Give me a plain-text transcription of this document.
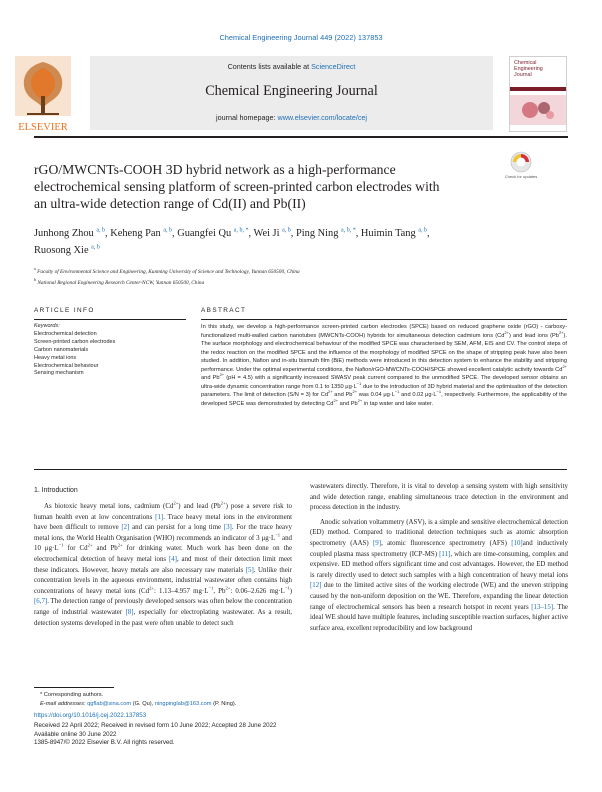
Chemical Engineering Journal 449 (2022) 137853
ELSEVIER
Contents lists available at ScienceDirect
Chemical Engineering Journal
journal homepage: www.elsevier.com/locate/cej
Chemical Engineering Journal
rGO/MWCNTs-COOH 3D hybrid network as a high-performance
electrochemical sensing platform of screen-printed carbon electrodes with
an ultra-wide detection range of Cd(II) and Pb(II)
Check for updates
Junhong Zhou $^{a, b}$, Keheng Pan $^{a, b}$, Guangfei Qu $^{a, b, *}$, Wei Ji $^{a, b}$, Ping Ning $^{a, b, *}$, Huimin Tang $^{a, b}$,
Ruosong Xie $^{a, b}$
$^a$ Faculty of Environmental Science and Engineering, Kunming University of Science and Technology, Yunnan 650500, China
$^b$ National Regional Engineering Research Center-NCW, Yunnan 650500, China
ARTICLE INFO	ABSTRACT
Keywords:
Electrochemical detection
Screen-printed carbon electrodes
Carbon nanomaterials
Heavy metal ions
Electrochemical behaviour
Sensing mechanism
In this study, we develop a high-performance screen-printed carbon electrodes (SPCE) based on reduced graphene oxide (rGO) - carboxy-functionalized multi-walled carbon nanotubes (MWCNTs-COOH) hybrids for simultaneous detection cadmium ions $(Cd^{2+})$ and lead ions $(Pb^{2+})$. The surface morphology and electrochemical behaviour of the modified SPCE was characterised by SEM, AFM, EIS and CV. The control steps of the redox reaction on the modified SPCE and the influence of the morphology of modified SPCE on the shape of stripping peak have also been studied. In addition, Nafion and in-situ bismuth film (BiE) methods were introduced in this detection system to enhance the stability and stripping performance. Under the optimal experimental conditions, the Nafion/rGO-MWCNTs-COOH/SPCE showed excellent catalytic activity towards $Cd^{2+}$ and $Pb^{2+}$ (pH = 4.5) with a significantly increased SWASV peak current compared to the unmodified SPCE. The developed sensor obtains an ultra-wide dynamic concentration range from 0.1 to 1350 $\mu g\cdot L^{-1}$ due to the introduction of 3D hybrid material and the optimisation of the detection parameters. The limit of detection (S/N = 3) for $Cd^{2+}$ and $Pb^{2+}$ was 0.04 $\mu g\cdot L^{-1}$ and 0.02 $\mu g\cdot L^{-1}$, respectively. Furthermore, the applicability of the developed SPCE was demonstrated by detecting $Cd^{2+}$ and $Pb^{2+}$ in tap water and lake water.
1. Introduction
As biotoxic heavy metal ions, cadmium $(Cd^{2+})$ and lead $(Pb^{2+})$ pose a severe risk to human health even at low concentrations [1]. Trace heavy metal ions in the environment have been difficult to remove [2] and can persist for a long time [3]. For the trace heavy metal ions, the World Health Organisation (WHO) recommends an indicator of 3 $\mu g\cdot L^{-1}$ and 10 $\mu g\cdot L^{-1}$ for $Cd^{2+}$ and $Pb^{2+}$ for drinking water. Much work has been done on the electrochemical detection of heavy metal ions [4], and most of their detection limit meet these indicators. However, heavy metals are also necessary raw materials [5]. Unlike their concentration levels in the aqueous environment, industrial wastewater often contains high concentrations of heavy metal ions ($Cd^{2+}$: 1.13–4.957 $mg\cdot L^{-1}$, $Pb^{2+}$: 0.06–2.626 $mg\cdot L^{-1}$) [6,7]. The detection range of previously developed sensors was often below the concentration range of industrial wastewater [8], especially for electroplating wastewater. As a result, detection systems developed in the past were often unable to detect such

wastewaters directly. Therefore, it is vital to develop a sensing system with high sensitivity and wide detection range, enabling simultaneous trace detection in the environment and process detection in the industry.

Anodic solvation voltammetry (ASV), is a simple and sensitive electrochemical detection (ED) method. Compared to traditional detection techniques such as atomic absorption spectrometry (AAS) [9], atomic fluorescence spectrometry (AFS) [10]and inductively coupled plasma mass spectrometry (ICP-MS) [11], which are time-consuming, complex and expensive. ED method offers significant time and cost advantages. However, the ED method is rarely directly used to detect such samples with a high concentration of heavy metal ions [12] due to the limited active sites of the working electrode (WE) and the uneven stripping caused by the non-uniform deposition on the WE. Therefore, expanding the linear detection range of electrochemical sensors has been a research hotspot in recent years [13–15]. The ideal WE should have multiple features, including susceptible reaction surfaces, higher active surface area, excellent reproducibility and low background

* Corresponding authors.
E-mail addresses: qgflab@sina.com (G. Qu), ningpinglab@163.com (P. Ning).
https://doi.org/10.1016/j.cej.2022.137853
Received 22 April 2022; Received in revised form 10 June 2022; Accepted 28 June 2022
Available online 30 June 2022
1385-8947/© 2022 Elsevier B.V. All rights reserved.
